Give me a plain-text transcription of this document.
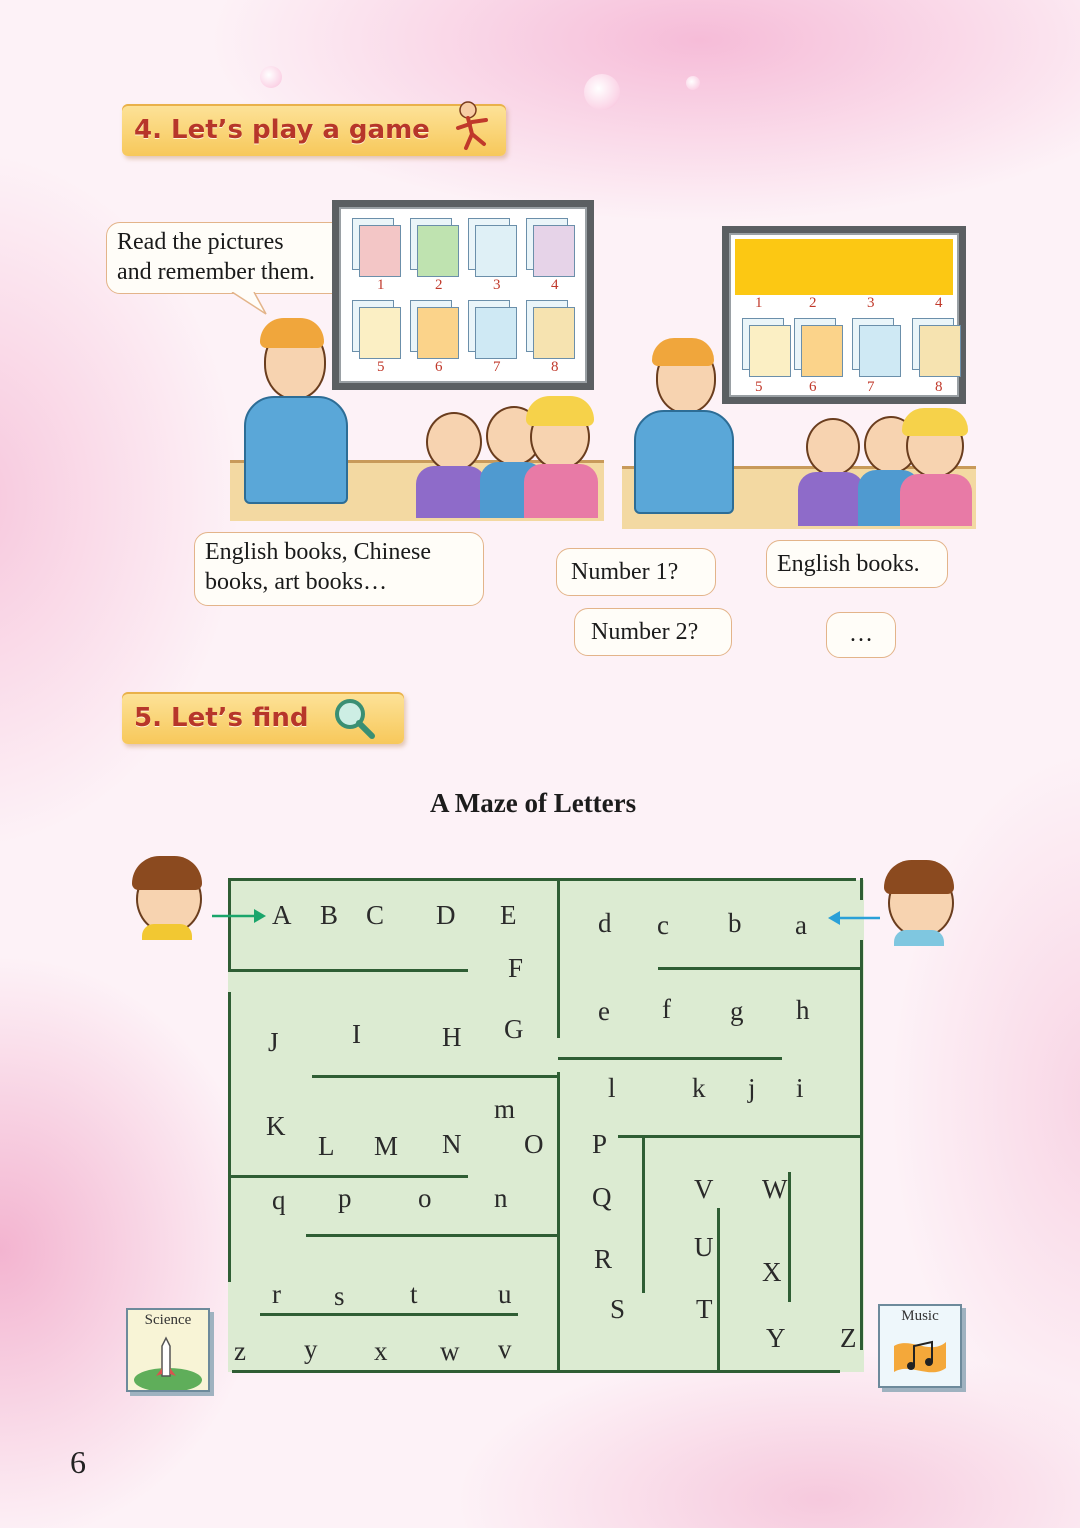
4. Let’s play a game
Read the pictures
and remember them.	1	2	3	4
5	6	7	8
English books, Chinese
books, art books…
1	2	3	4
5	6	7	8
Number 1?
Number 2?
English books.
…
5. Let’s find
A Maze of Letters
A B C D E
F
G
H
I
J
K
L M N O P
Q
R
S	T
U
V W
X
Y Z
a
b
c
d
e f g h
i
j
k
l
m
n
o
p
q
r s t	u
v
w
x
y
z
Science	Music
6
